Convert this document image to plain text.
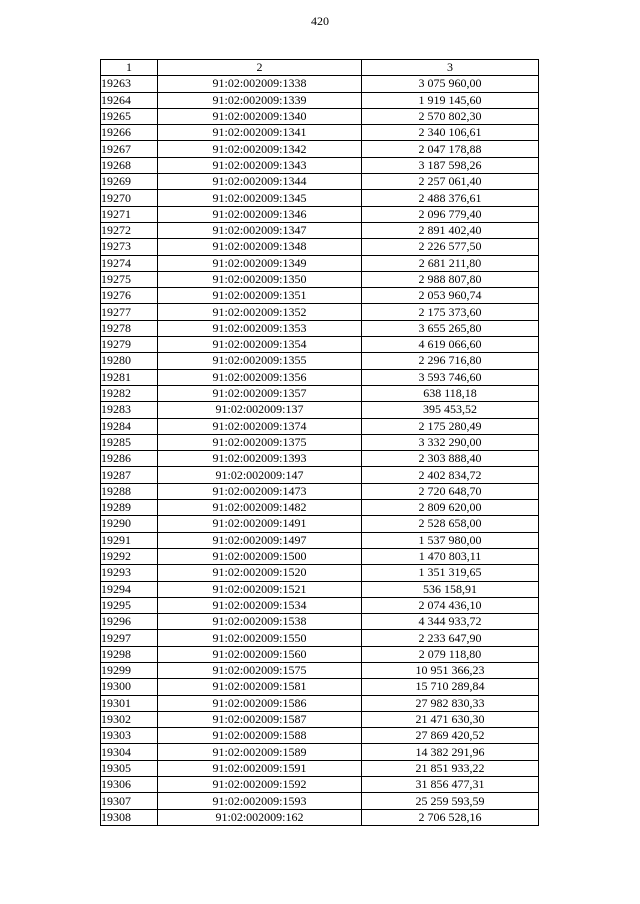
420
1	2	3
19263	91:02:002009:1338	3 075 960,00
19264	91:02:002009:1339	1 919 145,60
19265	91:02:002009:1340	2 570 802,30
19266	91:02:002009:1341	2 340 106,61
19267	91:02:002009:1342	2 047 178,88
19268	91:02:002009:1343	3 187 598,26
19269	91:02:002009:1344	2 257 061,40
19270	91:02:002009:1345	2 488 376,61
19271	91:02:002009:1346	2 096 779,40
19272	91:02:002009:1347	2 891 402,40
19273	91:02:002009:1348	2 226 577,50
19274	91:02:002009:1349	2 681 211,80
19275	91:02:002009:1350	2 988 807,80
19276	91:02:002009:1351	2 053 960,74
19277	91:02:002009:1352	2 175 373,60
19278	91:02:002009:1353	3 655 265,80
19279	91:02:002009:1354	4 619 066,60
19280	91:02:002009:1355	2 296 716,80
19281	91:02:002009:1356	3 593 746,60
19282	91:02:002009:1357	638 118,18
19283	91:02:002009:137	395 453,52
19284	91:02:002009:1374	2 175 280,49
19285	91:02:002009:1375	3 332 290,00
19286	91:02:002009:1393	2 303 888,40
19287	91:02:002009:147	2 402 834,72
19288	91:02:002009:1473	2 720 648,70
19289	91:02:002009:1482	2 809 620,00
19290	91:02:002009:1491	2 528 658,00
19291	91:02:002009:1497	1 537 980,00
19292	91:02:002009:1500	1 470 803,11
19293	91:02:002009:1520	1 351 319,65
19294	91:02:002009:1521	536 158,91
19295	91:02:002009:1534	2 074 436,10
19296	91:02:002009:1538	4 344 933,72
19297	91:02:002009:1550	2 233 647,90
19298	91:02:002009:1560	2 079 118,80
19299	91:02:002009:1575	10 951 366,23
19300	91:02:002009:1581	15 710 289,84
19301	91:02:002009:1586	27 982 830,33
19302	91:02:002009:1587	21 471 630,30
19303	91:02:002009:1588	27 869 420,52
19304	91:02:002009:1589	14 382 291,96
19305	91:02:002009:1591	21 851 933,22
19306	91:02:002009:1592	31 856 477,31
19307	91:02:002009:1593	25 259 593,59
19308	91:02:002009:162	2 706 528,16
